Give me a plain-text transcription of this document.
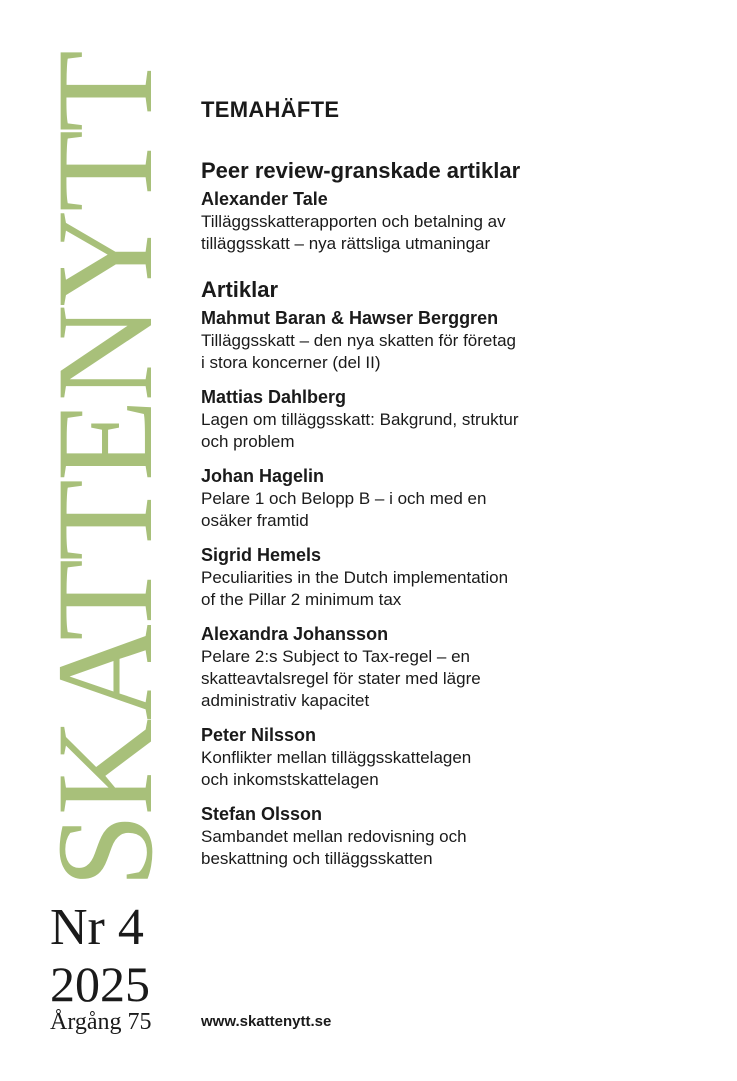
SKATTENYTT
Nr 4
2025
Årgång 75
TEMAHÄFTE
Peer review-granskade artiklar
Alexander Tale
Tilläggsskatterapporten och betalning av
tilläggsskatt – nya rättsliga utmaningar
Artiklar
Mahmut Baran & Hawser Berggren
Tilläggsskatt – den nya skatten för företag
i stora koncerner (del II)
Mattias Dahlberg
Lagen om tilläggsskatt: Bakgrund, struktur
och problem
Johan Hagelin
Pelare 1 och Belopp B – i och med en
osäker framtid
Sigrid Hemels
Peculiarities in the Dutch implementation
of the Pillar 2 minimum tax
Alexandra Johansson
Pelare 2:s Subject to Tax-regel – en
skatteavtalsregel för stater med lägre
administrativ kapacitet
Peter Nilsson
Konflikter mellan tilläggsskattelagen
och inkomstskattelagen
Stefan Olsson
Sambandet mellan redovisning och
beskattning och tilläggsskatten
www.skattenytt.se
